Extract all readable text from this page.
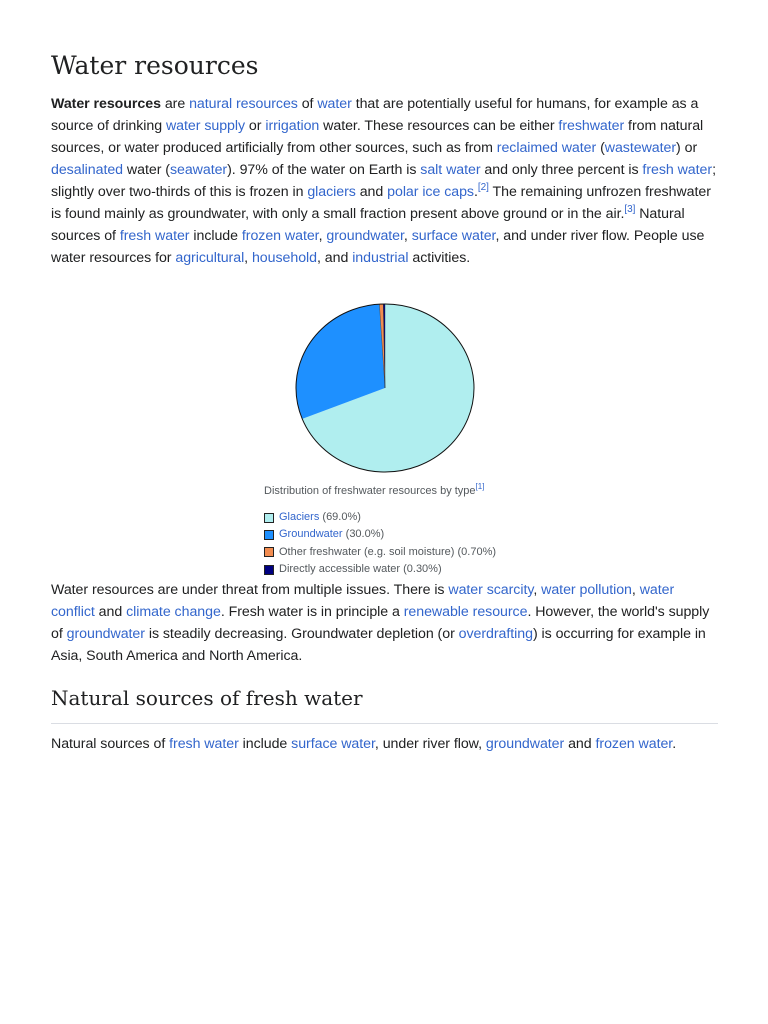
Water resources

Water resources are natural resources of water that are potentially useful for humans, for example as a source of drinking water supply or irrigation water. These resources can be either freshwater from natural sources, or water produced artificially from other sources, such as from reclaimed water (wastewater) or desalinated water (seawater). 97% of the water on Earth is salt water and only three percent is fresh water; slightly over two-thirds of this is frozen in glaciers and polar ice caps.[2] The remaining unfrozen freshwater is found mainly as groundwater, with only a small fraction present above ground or in the air.[3] Natural sources of fresh water include frozen water, groundwater, surface water, and under river flow. People use water resources for agricultural, household, and industrial activities.

Distribution of freshwater resources by type[1]
Glaciers (69.0%)
Groundwater (30.0%)
Other freshwater (e.g. soil moisture) (0.70%)
Directly accessible water (0.30%)

Water resources are under threat from multiple issues. There is water scarcity, water pollution, water conflict and climate change. Fresh water is in principle a renewable resource. However, the world's supply of groundwater is steadily decreasing. Groundwater depletion (or overdrafting) is occurring for example in Asia, South America and North America.

Natural sources of fresh water

Natural sources of fresh water include surface water, under river flow, groundwater and frozen water.
